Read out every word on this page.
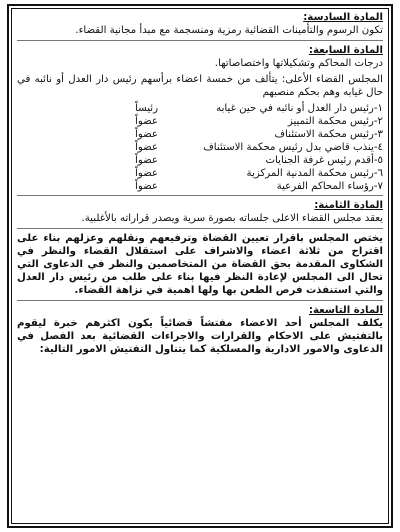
المادة السادسة:

تكون الرسوم والتأمينات القضائية رمزية ومنسجمة مع مبدأ مجانية القضاء.

المادة السابعة:

درجات المحاكم وتشكيلاتها واختصاصاتها.

المجلس القضاء الأعلى: يتألف من خمسة اعضاء برأسهم رئيس دار العدل أو نائبه في حال غيابه وهم بحكم منصبهم

١-رئيس دار العدل أو نائبه في حين غيابه
رئيساً
٢-رئيس محكمة التمييز
عضواً
٣-رئيس محكمة الاستئناف
عضواً
٤-ينذب قاضي بدل رئيس محكمة الاستئناف
عضواً
٥-أقدم رئيس غرفة الجنايات
عضواً
٦-رئيس محكمة المدنية المركزية
عضواً
٧-رؤساء المحاكم الفرعية
عضواً

المادة الثامنة:

يعقد مجلس القضاء الاعلى جلساته بصورة سرية ويصدر قراراته بالأغلبية.

يختص المجلس باقرار تعيين القضاة وترفيعهم ونقلهم وعزلهم بناء على اقتراح من ثلاثة اعضاء والاشراف على استقلال القضاء والنظر في الشكاوى المقدمة بحق القضاة من المتخاصمين والنظر في الدعاوى التي تحال الى المجلس لإعادة النظر فيها بناء على طلب من رئيس دار العدل والتي استنفذت فرص الطعن بها ولها اهمية في نزاهة القضاء.

المادة التاسعة:

يكلف المجلس أحد الاعضاء مفتشاً قضائياً يكون اكثرهم خبرة ليقوم بالتفتيش على الاحكام والقرارات والاجراءات القضائية بعد الفصل في الدعاوى والامور الادارية والمسلكية كما يتناول التفتيش الامور التالية:
